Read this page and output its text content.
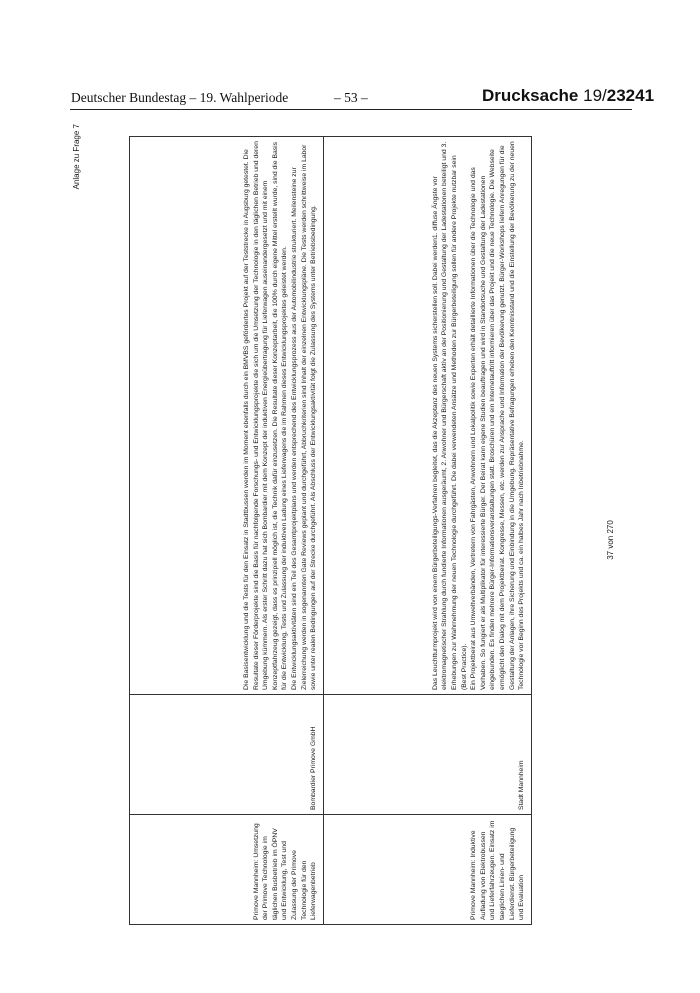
Deutscher Bundestag – 19. Wahlperiode	– 53 –	Drucksache 19/23241
Anlage zu Frage 7
Primove Mannheim: Umsetzung der Primove Technologie im täglichen Busbetrieb im ÖPNV und Entwicklung, Test und Zulassung der Primove Technologie für den Lieferwagenbetrieb	Bombardier Primove GmbH	Die Basisentwicklung und die Tests für den Einsatz in Stadtbussen werden im Moment ebenfalls durch ein BMVBS gefördertes Projekt auf der Teststrecke in Augsburg getestet. Die Resultate dieser Förderprojekte sind die Basis für nachfolgende Forschungs- und Entwicklungsprojekte die sich um die Umsetzung der Technologie in den täglichen Betrieb und deren Umgebung kümmern. Als erster Schritt dazu hat sich Bombardier mit dem Konzept der induktiven Energieübertragung für Lieferwagen auseinandergesetzt und mit einem Konzeptfahrzeug gezeigt, dass es prinzipiell möglich ist, die Technik dafür einzusetzen. Die Resultate dieser Konzeptarbeit, die 100% durch eigene Mittel erstellt wurde, sind die Basis für die Entwicklung, Tests und Zulassung der induktiven Ladung eines Lieferwagens die im Rahmen dieses Entwicklungsprojektes geleistet werden. Die Entwicklungsaktivitäten sind ein Teil des Gesamtprojektplans und werden entsprechend des Entwicklungsprozess aus der Automobilindustrie strukturiert. Meilensteine zur Zielerreichung werden in sogenannten Gate Reviews geplant und durchgeführt, Abbruchkriterien sind Inhalt der einzelnen Entwicklungspläne. Die Tests werden schrittweise im Labor sowie unter realen Bedingungen auf der Strecke durchgeführt. Als Abschluss der Entwicklungsaktivität folgt die Zulassung des Systems unter Betriebsbedingung.

Primove Mannheim: Induktive Aufladung von Elektrobussen und Lieferfahrzeugen. Einsatz im taeglichen Linien- und Lieferdienst. Bürgerbeteiligung und Evaluation	Stadt Mannheim	Das Leuchtturmprojekt wird von einem Bürgerbeteiligungs-Verfahren begleitet, das die Akzeptanz des neuen Systems sicherstellen soll. Dabei werden1. diffuse Ängste vor elektromagnetischer Strahlung durch fundierte Informationen ausgeräumt, 2. Anwohner und Bürgerschaft aktiv an der Positionierung und Gestaltung der Ladestationen beteiligt und 3. Erhebungen zur Wahrnehmung der neuen Technologie durchgeführt. Die dabei verwendeten Ansätze und Methoden zur Bürgerbeteiligung sollen für andere Projekte nutzbar sein (Best Practice). Ein Projektbeirat aus Umweltverbänden, Vertretern von Fahrgästen, Anwohnern und Lokalpolitik sowie Experten erhält detaillierte Informationen über die Technologie und das Vorhaben. So fungiert er als Multiplikator für interessierte Bürger. Der Beirat kann eigene Studien beauftragen und wird in Standortsuche und Gestaltung der Ladestationen eingebunden. Es finden mehrere Bürger-Informationsveranstaltungen statt. Broschüren und ein Internetauftritt informieren über das Projekt und die neue Technologie. Die Webseite ermöglicht den Dialog mit dem Projektbeirat. Kongresse, Messen, etc. werden zur Ansprache und Information der Bevölkerung genutzt. Bürger-Workshops liefern Anregungen für die Gestaltung der Anlagen, ihre Sicherung und Einbindung in die Umgebung. Repräsentative Befragungen erheben den Kenntnisstand und die Einstellung der Bevölkerung zu der neuen Technologie vor Beginn des Projekts und ca. ein halbes Jahr nach Inbetriebnahme.	37 von 270
